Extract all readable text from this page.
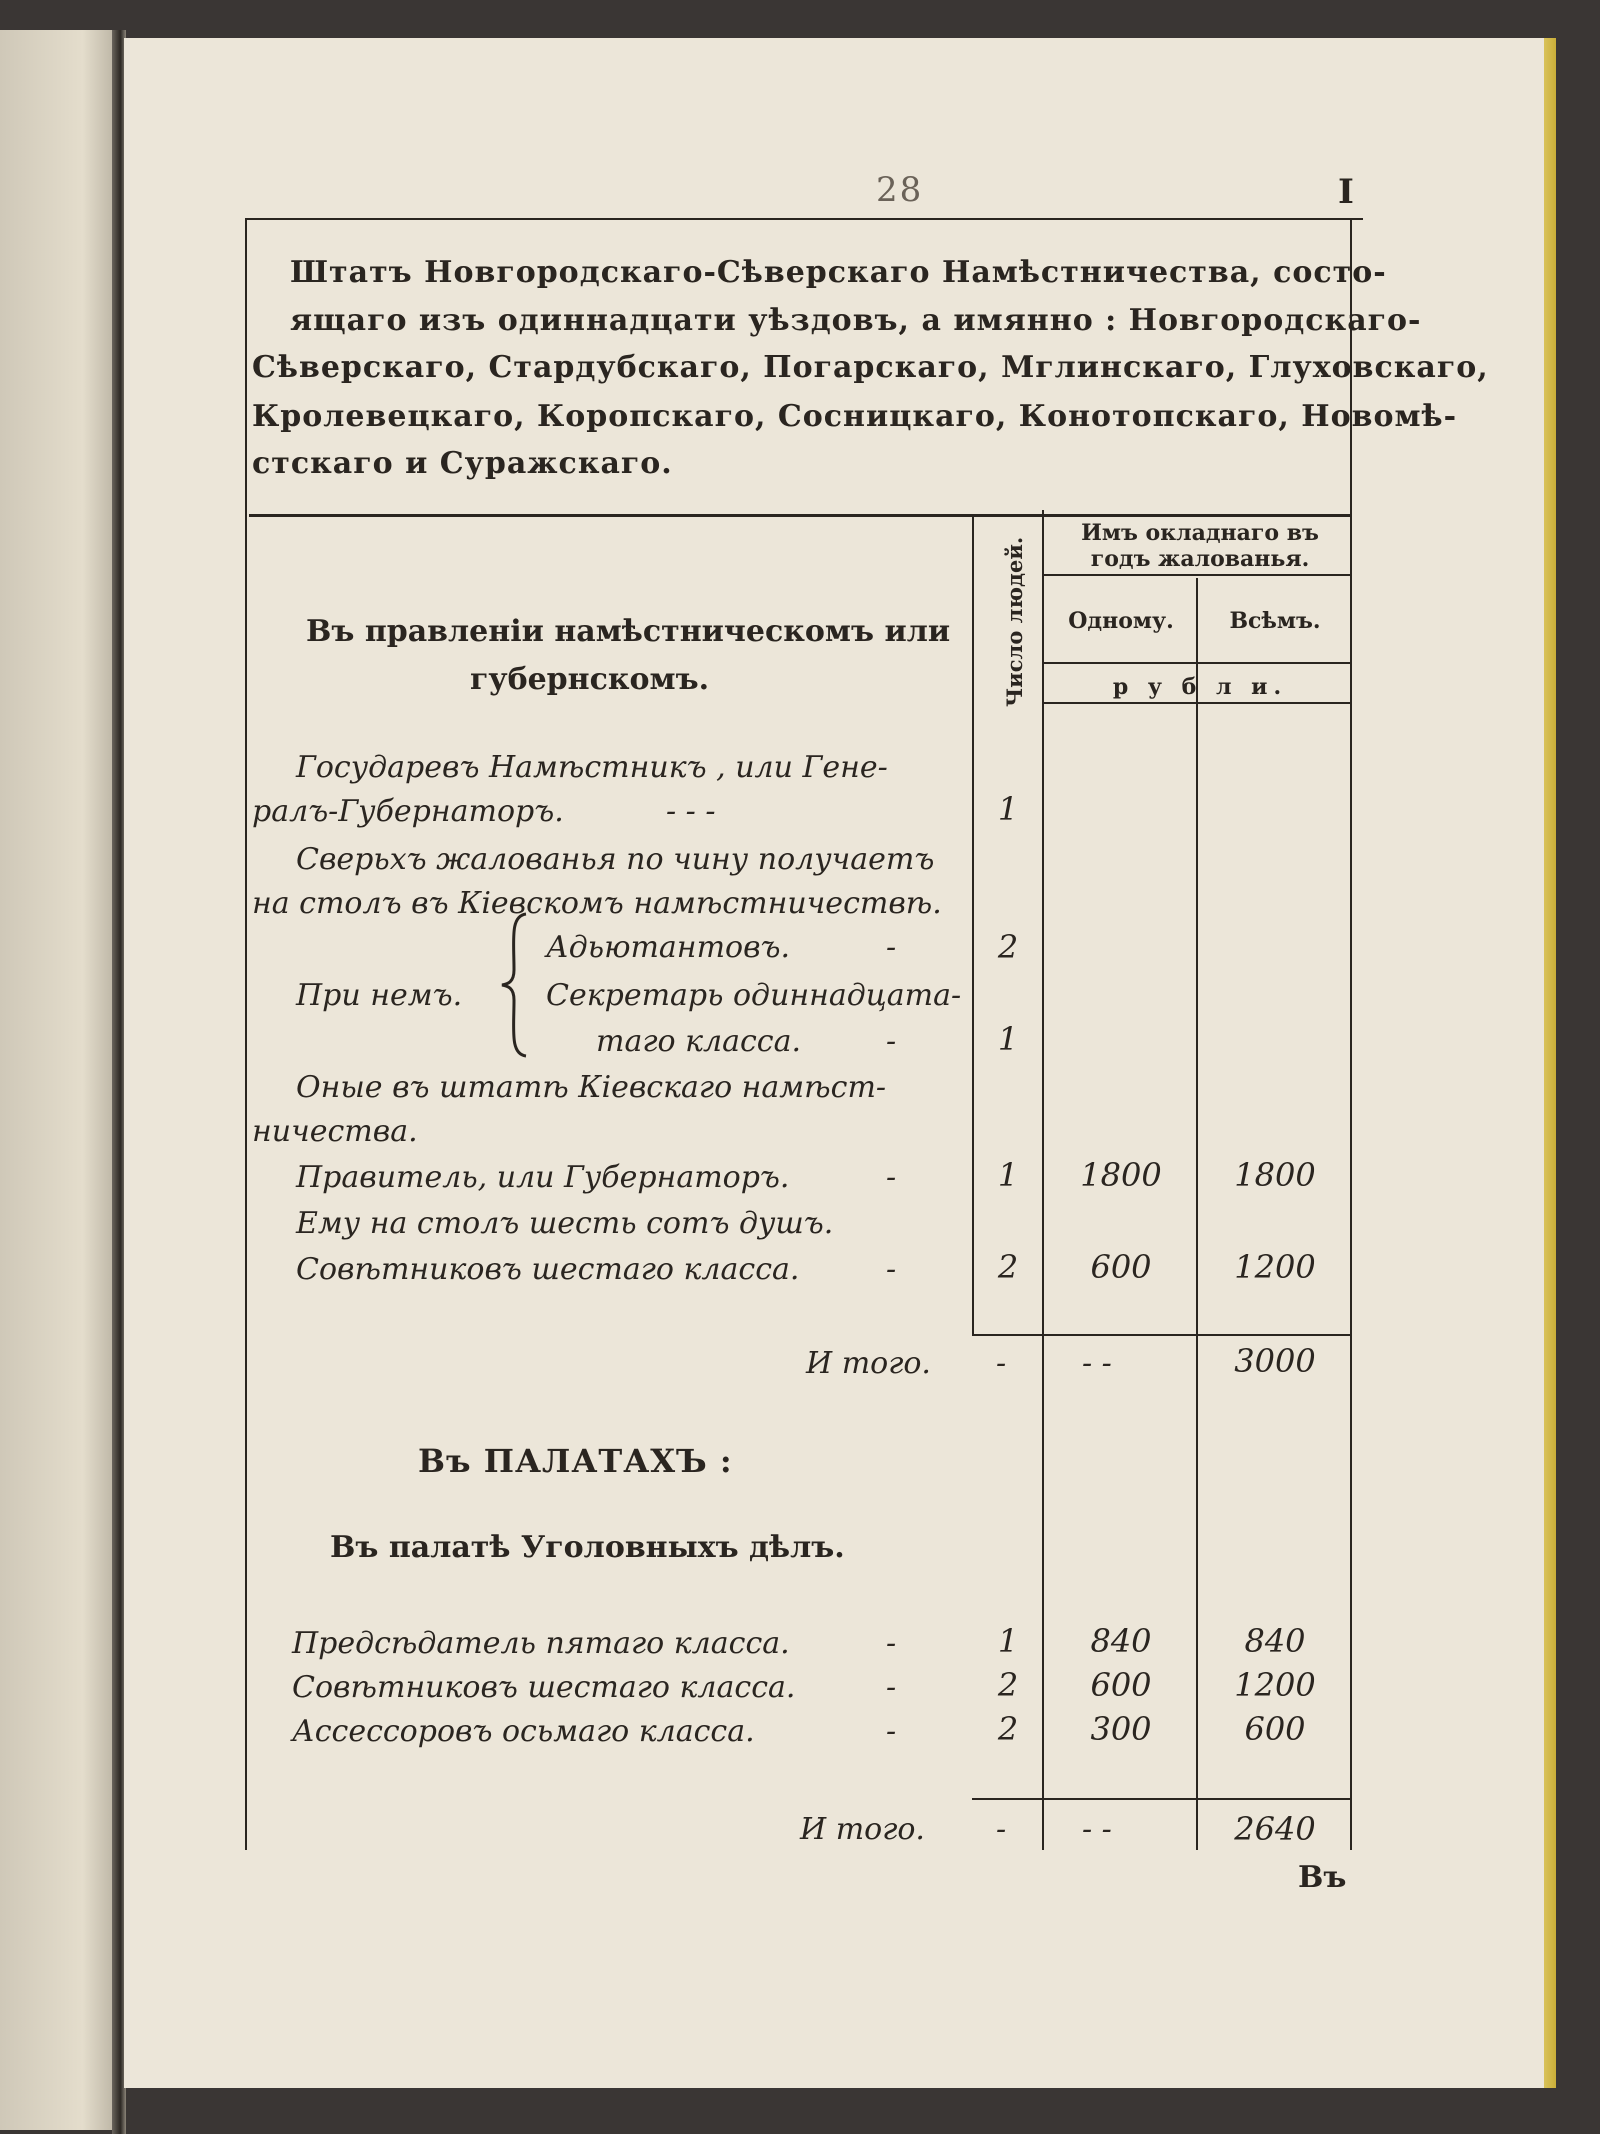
28	I
Штатъ Новгородскаго-Сѣверскаго Намѣстничества, состо-
ящаго изъ одиннадцати уѣздовъ, а имянно : Новгородскаго-
Сѣверскаго, Стардубскаго, Погарскаго, Мглинскаго, Глуховскаго,
Кролевецкаго, Коропскаго, Сосницкаго, Конотопскаго, Новомѣ-
стскаго и Суражскаго.
Число людей.
Имъ окладнаго въ
годъ жалованья.
Одному.	Всѣмъ.
р у б л и.
Въ правленіи намѣстническомъ или
губернскомъ.
Государевъ Намѣстникъ , или Гене-
ралъ-Губернаторъ.	- - -	1
Сверьхъ жалованья по чину получаетъ
на столъ въ Кіевскомъ намѣстничествѣ.
При немъ.
Адьютантовъ.	-	2
Секретарь одиннадцата-
таго класса.	-	1
Оные въ штатѣ Кіевскаго намѣст-
ничества.
Правитель, или Губернаторъ.	-	1	1800	1800
Ему на столъ шесть сотъ душъ.
Совѣтниковъ шестаго класса.	-	2	600	1200
И того. -	- -	3000
Въ ПАЛАТАХЪ :
Въ палатѣ Уголовныхъ дѣлъ.
Предсѣдатель пятаго класса.	-	1	840	840
Совѣтниковъ шестаго класса.	-	2	600	1200
Ассессоровъ осьмаго класса.	-	2	300	600
И того. -	- -	2640
Въ
